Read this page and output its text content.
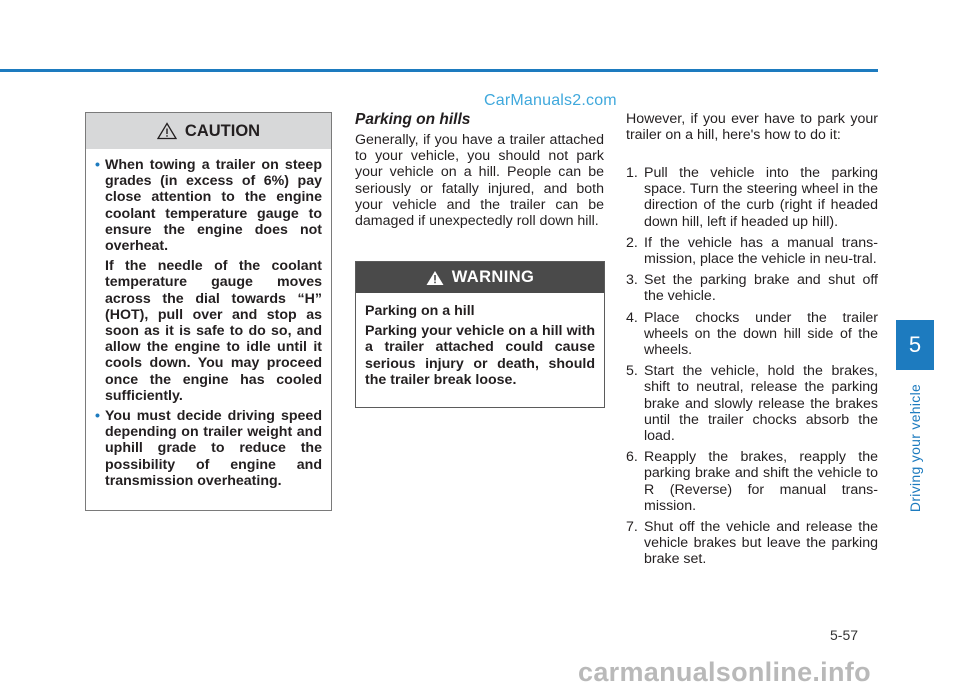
CarManuals2.com
CAUTION
• When towing a trailer on steep grades (in excess of 6%) pay close attention to the engine coolant temperature gauge to ensure the engine does not overheat.

If the needle of the coolant temperature gauge moves across the dial towards “H” (HOT), pull over and stop as soon as it is safe to do so, and allow the engine to idle until it cools down. You may proceed once the engine has cooled sufficiently.

• You must decide driving speed depending on trailer weight and uphill grade to reduce the possibility of engine and transmission overheating.

Parking on hills

Generally, if you have a trailer attached to your vehicle, you should not park your vehicle on a hill. People can be seriously or fatally injured, and both your vehicle and the trailer can be damaged if unexpectedly roll down hill.

WARNING

Parking on a hill

Parking your vehicle on a hill with a trailer attached could cause serious injury or death, should the trailer break loose.

However, if you ever have to park your trailer on a hill, here's how to do it:

1. Pull the vehicle into the parking space. Turn the steering wheel in the direction of the curb (right if headed down hill, left if headed up hill).
2. If the vehicle has a manual trans-mission, place the vehicle in neu-tral.
3. Set the parking brake and shut off the vehicle.
4. Place chocks under the trailer wheels on the down hill side of the wheels.
5. Start the vehicle, hold the brakes, shift to neutral, release the parking brake and slowly release the brakes until the trailer chocks absorb the load.
6. Reapply the brakes, reapply the parking brake and shift the vehicle to R (Reverse) for manual trans-mission.
7. Shut off the vehicle and release the vehicle brakes but leave the parking brake set.
5
Driving your vehicle
5-57
carmanualsonline.info
